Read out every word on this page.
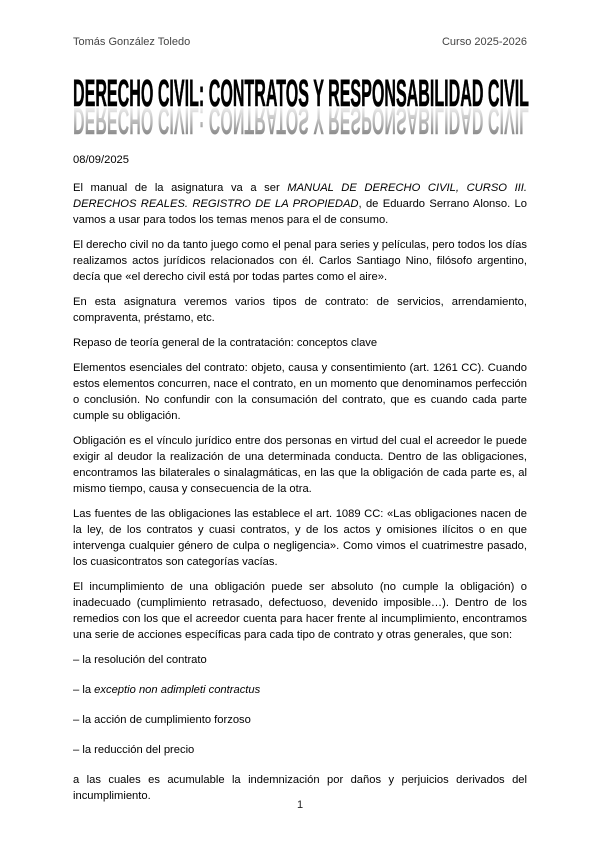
Tomás González Toledo	Curso 2025-2026
DERECHO CIVIL: CONTRATOS Y RESPONSABILIDAD CIVIL
DERECHO CIVIL: CONTRATOS Y RESPONSABILIDAD CIVIL

08/09/2025

El manual de la asignatura va a ser MANUAL DE DERECHO CIVIL, CURSO III. DERECHOS REALES. REGISTRO DE LA PROPIEDAD, de Eduardo Serrano Alonso. Lo vamos a usar para todos los temas menos para el de consumo.

El derecho civil no da tanto juego como el penal para series y películas, pero todos los días realizamos actos jurídicos relacionados con él. Carlos Santiago Nino, filósofo argentino, decía que «el derecho civil está por todas partes como el aire».

En esta asignatura veremos varios tipos de contrato: de servicios, arrendamiento, compraventa, préstamo, etc.

Repaso de teoría general de la contratación: conceptos clave

Elementos esenciales del contrato: objeto, causa y consentimiento (art. 1261 CC). Cuando estos elementos concurren, nace el contrato, en un momento que denominamos perfección o conclusión. No confundir con la consumación del contrato, que es cuando cada parte cumple su obligación.

Obligación es el vínculo jurídico entre dos personas en virtud del cual el acreedor le puede exigir al deudor la realización de una determinada conducta. Dentro de las obligaciones, encontramos las bilaterales o sinalagmáticas, en las que la obligación de cada parte es, al mismo tiempo, causa y consecuencia de la otra.

Las fuentes de las obligaciones las establece el art. 1089 CC: «Las obligaciones nacen de la ley, de los contratos y cuasi contratos, y de los actos y omisiones ilícitos o en que intervenga cualquier género de culpa o negligencia». Como vimos el cuatrimestre pasado, los cuasicontratos son categorías vacías.

El incumplimiento de una obligación puede ser absoluto (no cumple la obligación) o inadecuado (cumplimiento retrasado, defectuoso, devenido imposible…). Dentro de los remedios con los que el acreedor cuenta para hacer frente al incumplimiento, encontramos una serie de acciones específicas para cada tipo de contrato y otras generales, que son:

– la resolución del contrato

– la exceptio non adimpleti contractus

– la acción de cumplimiento forzoso

– la reducción del precio

a las cuales es acumulable la indemnización por daños y perjuicios derivados del incumplimiento.

1
